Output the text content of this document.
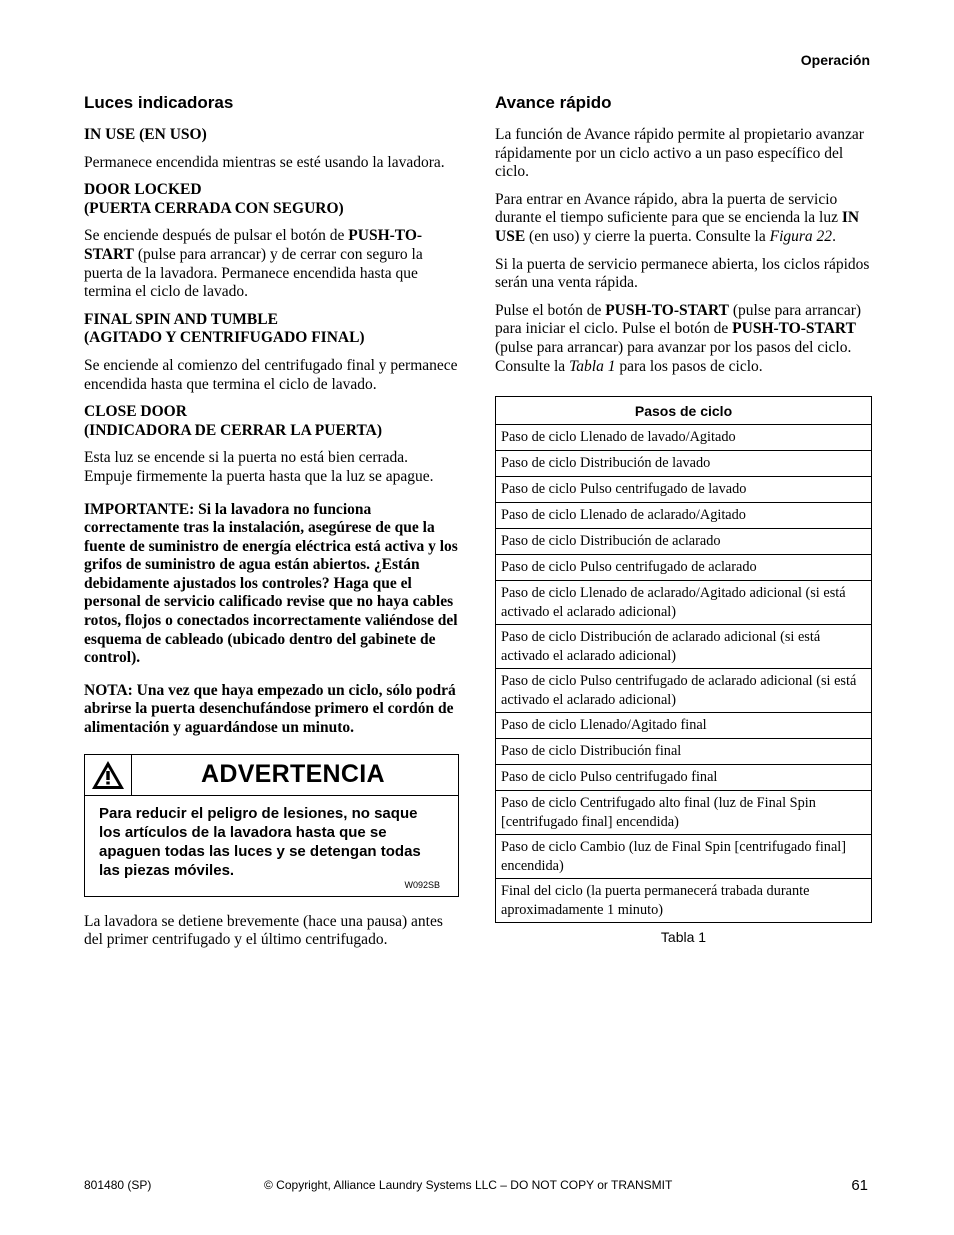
Operación
Luces indicadoras

IN USE (EN USO)

Permanece encendida mientras se esté usando la lavadora.

DOOR LOCKED
(PUERTA CERRADA CON SEGURO)

Se enciende después de pulsar el botón de PUSH-TO-START (pulse para arrancar) y de cerrar con seguro la puerta de la lavadora. Permanece encendida hasta que termina el ciclo de lavado.

FINAL SPIN AND TUMBLE
(AGITADO Y CENTRIFUGADO FINAL)

Se enciende al comienzo del centrifugado final y permanece encendida hasta que termina el ciclo de lavado.

CLOSE DOOR
(INDICADORA DE CERRAR LA PUERTA)

Esta luz se encende si la puerta no está bien cerrada. Empuje firmemente la puerta hasta que la luz se apague.

IMPORTANTE: Si la lavadora no funciona correctamente tras la instalación, asegúrese de que la fuente de suministro de energía eléctrica está activa y los grifos de suministro de agua están abiertos. ¿Están debidamente ajustados los controles? Haga que el personal de servicio calificado revise que no haya cables rotos, flojos o conectados incorrectamente valiéndose del esquema de cableado (ubicado dentro del gabinete de control).

NOTA: Una vez que haya empezado un ciclo, sólo podrá abrirse la puerta desenchufándose primero el cordón de alimentación y aguardándose un minuto.

ADVERTENCIA

Para reducir el peligro de lesiones, no saque los artículos de la lavadora hasta que se apaguen todas las luces y se detengan todas las piezas móviles.

W092SB

La lavadora se detiene brevemente (hace una pausa) antes del primer centrifugado y el último centrifugado.

Avance rápido

La función de Avance rápido permite al propietario avanzar rápidamente por un ciclo activo a un paso específico del ciclo.

Para entrar en Avance rápido, abra la puerta de servicio durante el tiempo suficiente para que se encienda la luz IN USE (en uso) y cierre la puerta. Consulte la Figura 22.

Si la puerta de servicio permanece abierta, los ciclos rápidos serán una venta rápida.

Pulse el botón de PUSH-TO-START (pulse para arrancar) para iniciar el ciclo. Pulse el botón de PUSH-TO-START (pulse para arrancar) para avanzar por los pasos del ciclo. Consulte la Tabla 1 para los pasos de ciclo.

Pasos de ciclo
Paso de ciclo Llenado de lavado/Agitado
Paso de ciclo Distribución de lavado
Paso de ciclo Pulso centrifugado de lavado
Paso de ciclo Llenado de aclarado/Agitado
Paso de ciclo Distribución de aclarado
Paso de ciclo Pulso centrifugado de aclarado
Paso de ciclo Llenado de aclarado/Agitado adicional (si está activado el aclarado adicional)
Paso de ciclo Distribución de aclarado adicional (si está activado el aclarado adicional)
Paso de ciclo Pulso centrifugado de aclarado adicional (si está activado el aclarado adicional)
Paso de ciclo Llenado/Agitado final
Paso de ciclo Distribución final
Paso de ciclo Pulso centrifugado final
Paso de ciclo Centrifugado alto final (luz de Final Spin [centrifugado final] encendida)
Paso de ciclo Cambio (luz de Final Spin [centrifugado final] encendida)
Final del ciclo (la puerta permanecerá trabada durante aproximadamente 1 minuto)
Tabla 1
801480 (SP)	© Copyright, Alliance Laundry Systems LLC – DO NOT COPY or TRANSMIT	61
